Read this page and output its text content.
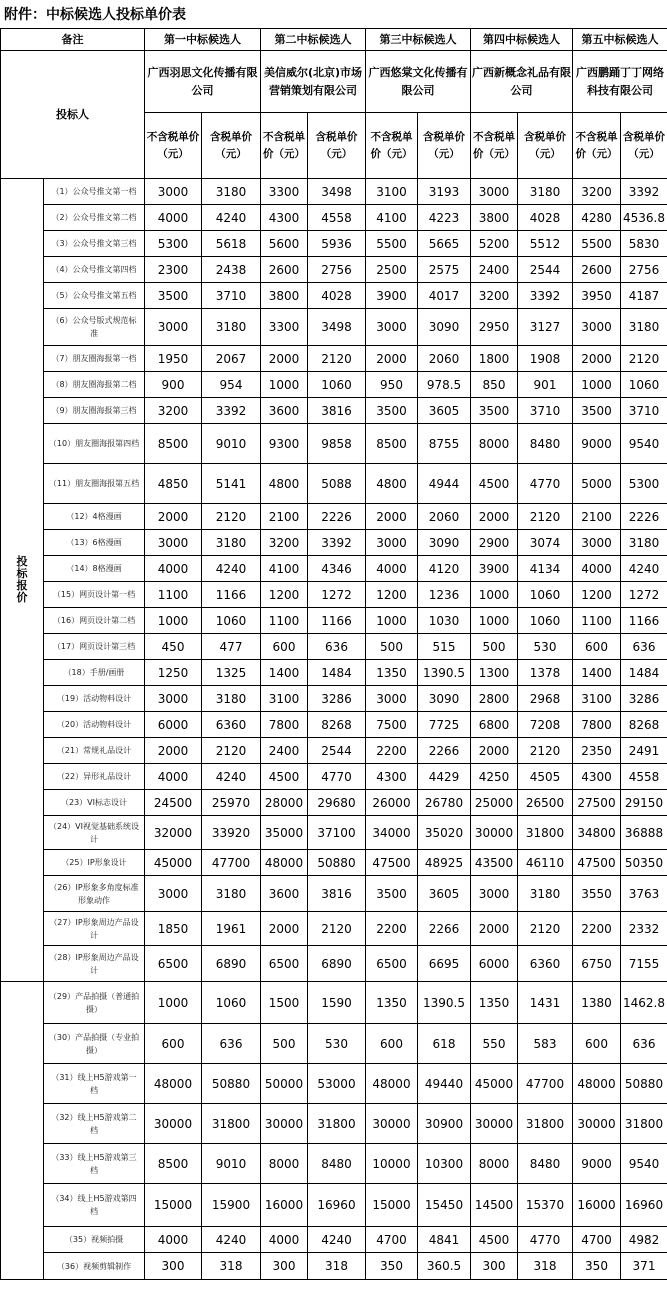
附件：中标候选人投标单价表
备注		第一中标候选人		第二中标候选人		第三中标候选人		第四中标候选人		第五中标候选人	
投标人		广西羽思文化传播有限公司		美信威尔(北京)市场营销策划有限公司		广西悠棠文化传播有限公司		广西新概念礼品有限公司		广西鹏踊丁丁网络科技有限公司	
		不含税单价（元）	含税单价（元）	不含税单价（元）	含税单价（元）	不含税单价（元）	含税单价（元）	不含税单价（元）	含税单价（元）	不含税单价（元）	含税单价（元）

投
标
报
价	（1）公众号推文第一档	3000	3180	3300	3498	3100	3193	3000	3180	3200	3392
	（2）公众号推文第二档	4000	4240	4300	4558	4100	4223	3800	4028	4280	4536.8
	（3）公众号推文第三档	5300	5618	5600	5936	5500	5665	5200	5512	5500	5830
	（4）公众号推文第四档	2300	2438	2600	2756	2500	2575	2400	2544	2600	2756
	（5）公众号推文第五档	3500	3710	3800	4028	3900	4017	3200	3392	3950	4187
	（6）公众号版式规范标准	3000	3180	3300	3498	3000	3090	2950	3127	3000	3180
	（7）朋友圈海报第一档	1950	2067	2000	2120	2000	2060	1800	1908	2000	2120
	（8）朋友圈海报第二档	900	954	1000	1060	950	978.5	850	901	1000	1060
	（9）朋友圈海报第三档	3200	3392	3600	3816	3500	3605	3500	3710	3500	3710
	（10）朋友圈海报第四档	8500	9010	9300	9858	8500	8755	8000	8480	9000	9540
	（11）朋友圈海报第五档	4850	5141	4800	5088	4800	4944	4500	4770	5000	5300
	（12）4格漫画	2000	2120	2100	2226	2000	2060	2000	2120	2100	2226
	（13）6格漫画	3000	3180	3200	3392	3000	3090	2900	3074	3000	3180
	（14）8格漫画	4000	4240	4100	4346	4000	4120	3900	4134	4000	4240
	（15）网页设计第一档	1100	1166	1200	1272	1200	1236	1000	1060	1200	1272
	（16）网页设计第二档	1000	1060	1100	1166	1000	1030	1000	1060	1100	1166
	（17）网页设计第三档	450	477	600	636	500	515	500	530	600	636
	（18）手册/画册	1250	1325	1400	1484	1350	1390.5	1300	1378	1400	1484
	（19）活动物料设计	3000	3180	3100	3286	3000	3090	2800	2968	3100	3286
	（20）活动物料设计	6000	6360	7800	8268	7500	7725	6800	7208	7800	8268
	（21）常规礼品设计	2000	2120	2400	2544	2200	2266	2000	2120	2350	2491
	（22）异形礼品设计	4000	4240	4500	4770	4300	4429	4250	4505	4300	4558
	（23）VI标志设计	24500	25970	28000	29680	26000	26780	25000	26500	27500	29150
	（24）VI视觉基础系统设计	32000	33920	35000	37100	34000	35020	30000	31800	34800	36888
	（25）IP形象设计	45000	47700	48000	50880	47500	48925	43500	46110	47500	50350
	（26）IP形象多角度标准形象动作	3000	3180	3600	3816	3500	3605	3000	3180	3550	3763
	（27）IP形象周边产品设计	1850	1961	2000	2120	2200	2266	2000	2120	2200	2332
	（28）IP形象周边产品设计	6500	6890	6500	6890	6500	6695	6000	6360	6750	7155
	（29）产品拍摄（普通拍摄）	1000	1060	1500	1590	1350	1390.5	1350	1431	1380	1462.8
	（30）产品拍摄（专业拍摄）	600	636	500	530	600	618	550	583	600	636
	（31）线上H5游戏第一档	48000	50880	50000	53000	48000	49440	45000	47700	48000	50880
	（32）线上H5游戏第二档	30000	31800	30000	31800	30000	30900	30000	31800	30000	31800
	（33）线上H5游戏第三档	8500	9010	8000	8480	10000	10300	8000	8480	9000	9540
	（34）线上H5游戏第四档	15000	15900	16000	16960	15000	15450	14500	15370	16000	16960
	（35）视频拍摄	4000	4240	4000	4240	4700	4841	4500	4770	4700	4982
	（36）视频剪辑制作	300	318	300	318	350	360.5	300	318	350	371
